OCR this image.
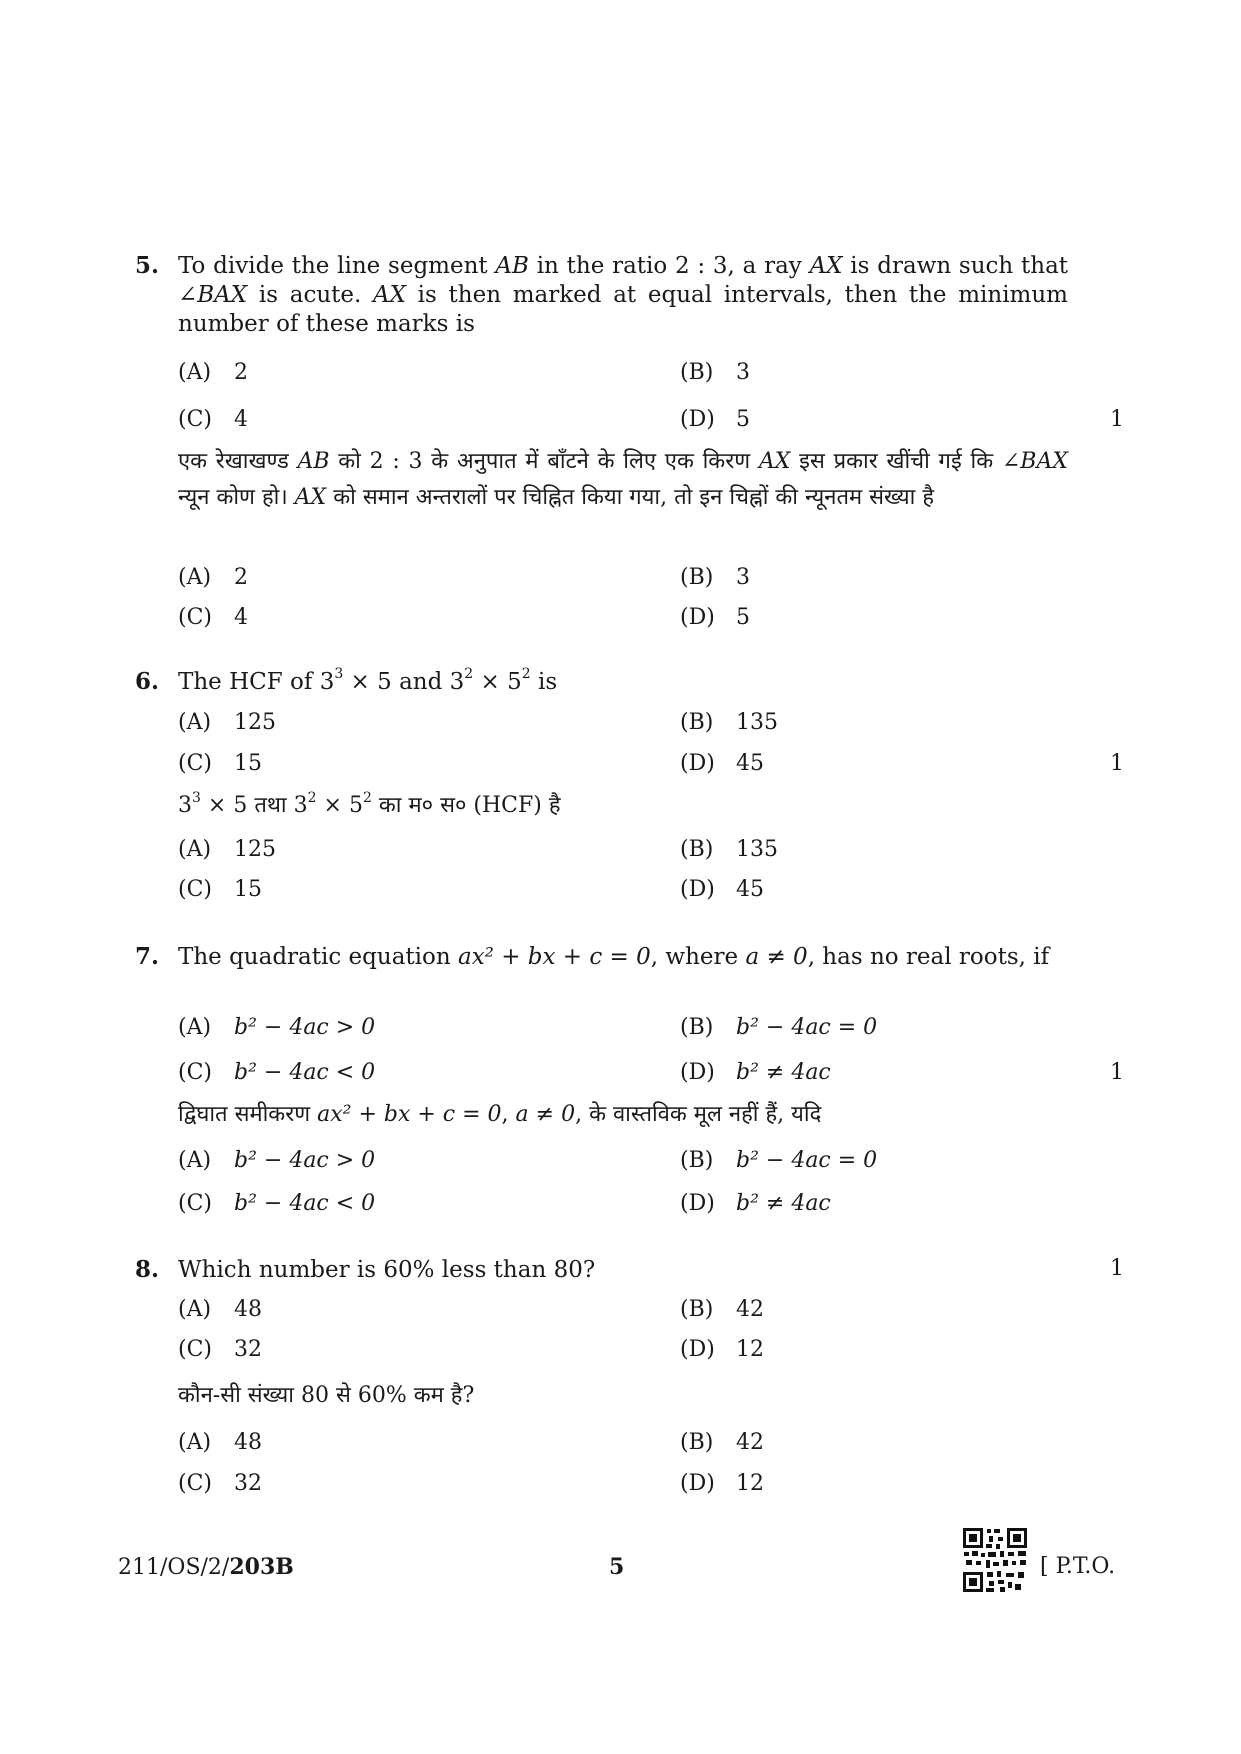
5. To divide the line segment AB in the ratio 2 : 3, a ray AX is drawn such that ∠BAX is acute. AX is then marked at equal intervals, then the minimum number of these marks is
(A) 2	(B) 3
(C) 4	(D) 5	1
एक रेखाखण्ड AB को 2 : 3 के अनुपात में बाँटने के लिए एक किरण AX इस प्रकार खींची गई कि ∠BAX न्यून कोण हो। AX को समान अन्तरालों पर चिह्नित किया गया, तो इन चिह्नों की न्यूनतम संख्या है
(A) 2	(B) 3
(C) 4	(D) 5
6. The HCF of $3^3 \times 5$ and $3^2 \times 5^2$ is
(A) 125	(B) 135
(C) 15	(D) 45	1
$3^3 \times 5$ तथा $3^2 \times 5^2$ का म० स० (HCF) है
(A) 125	(B) 135
(C) 15	(D) 45
7. The quadratic equation ax² + bx + c = 0, where a ≠ 0, has no real roots, if
(A) b² − 4ac > 0	(B) b² − 4ac = 0
(C) b² − 4ac < 0	(D) b² ≠ 4ac	1
द्विघात समीकरण ax² + bx + c = 0, a ≠ 0, के वास्तविक मूल नहीं हैं, यदि
(A) b² − 4ac > 0	(B) b² − 4ac = 0
(C) b² − 4ac < 0	(D) b² ≠ 4ac
8. Which number is 60% less than 80?	1
(A) 48	(B) 42
(C) 32	(D) 12
कौन-सी संख्या 80 से 60% कम है?
(A) 48	(B) 42
(C) 32	(D) 12
211/OS/2/203B	5	[ P.T.O.
